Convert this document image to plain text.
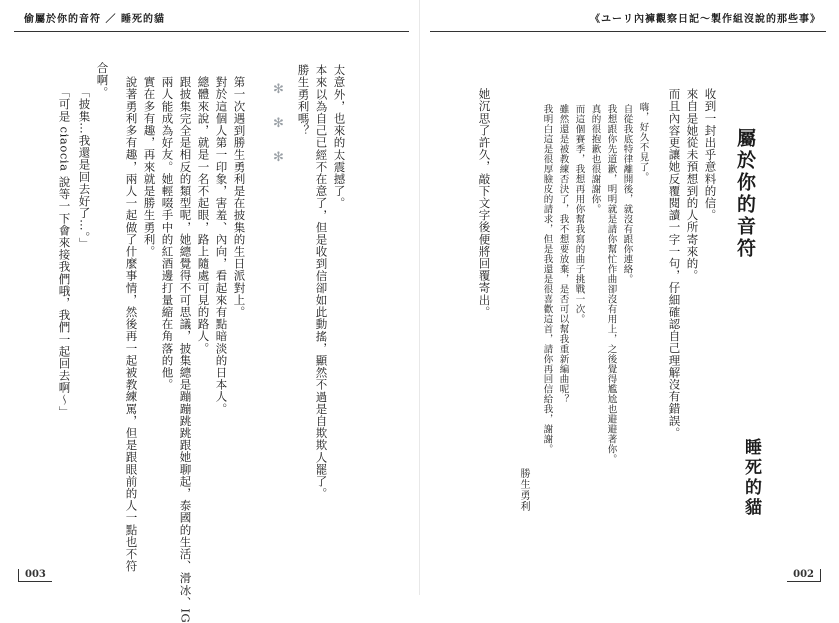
偷屬於你的音符 ／ 睡死的貓
太意外，也來的太震撼了。
本來以為自己已經不在意了，但是收到信卻如此動搖，顯然不過是自欺欺人罷了。
勝生勇利嗎？
✻
✻
✻
第一次遇到勝生勇利是在披集的生日派對上。
對於這個人第一印象，害羞、內向，看起來有點暗淡的日本人。
總體來說，就是一名不起眼，路上隨處可見的路人。
跟披集完全是相反的類型呢，她總覺得不可思議，披集總是蹦蹦跳跳跟她聊起，泰國的生活、滑冰、IG
兩人能成為好友。她輕啜手中的紅酒邊打量縮在角落的他。
實在多有趣，再來就是勝生勇利。
說著勇利多有趣，兩人一起做了什麼事情，然後再一起被教練罵，但是跟眼前的人一點也不符
合啊。
「披集…我還是回去好了…。」
「可是 ciaocia 說等一下會來接我們哦，我們一起回去啊〜」
003
《ユーリ內褲觀察日記〜製作組沒說的那些事》
屬於你的音符
睡死的貓
收到一封出乎意料的信。
來自是她從未預想到的人所寄來的。
而且內容更讓她反覆閱讀一字一句，仔細確認自己理解沒有錯誤。
嗨，好久不見了。
自從我底特律離開後，就沒有跟你連絡。
我想跟你先道歉，明明就是請你幫忙作曲卻沒有用上，之後覺得尷尬也避避著你。
真的很抱歉也很謝謝你。
而這個賽季，我想再用你幫我寫的曲子挑戰一次。
雖然還是被教練否決了，我不想要放棄，是否可以幫我重新編曲呢？
我明白這是很厚臉皮的請求，但是我還是很喜歡這首，請你再回信給我，謝謝。
勝生勇利
她沉思了許久，敲下文字後便將回覆寄出。
002
